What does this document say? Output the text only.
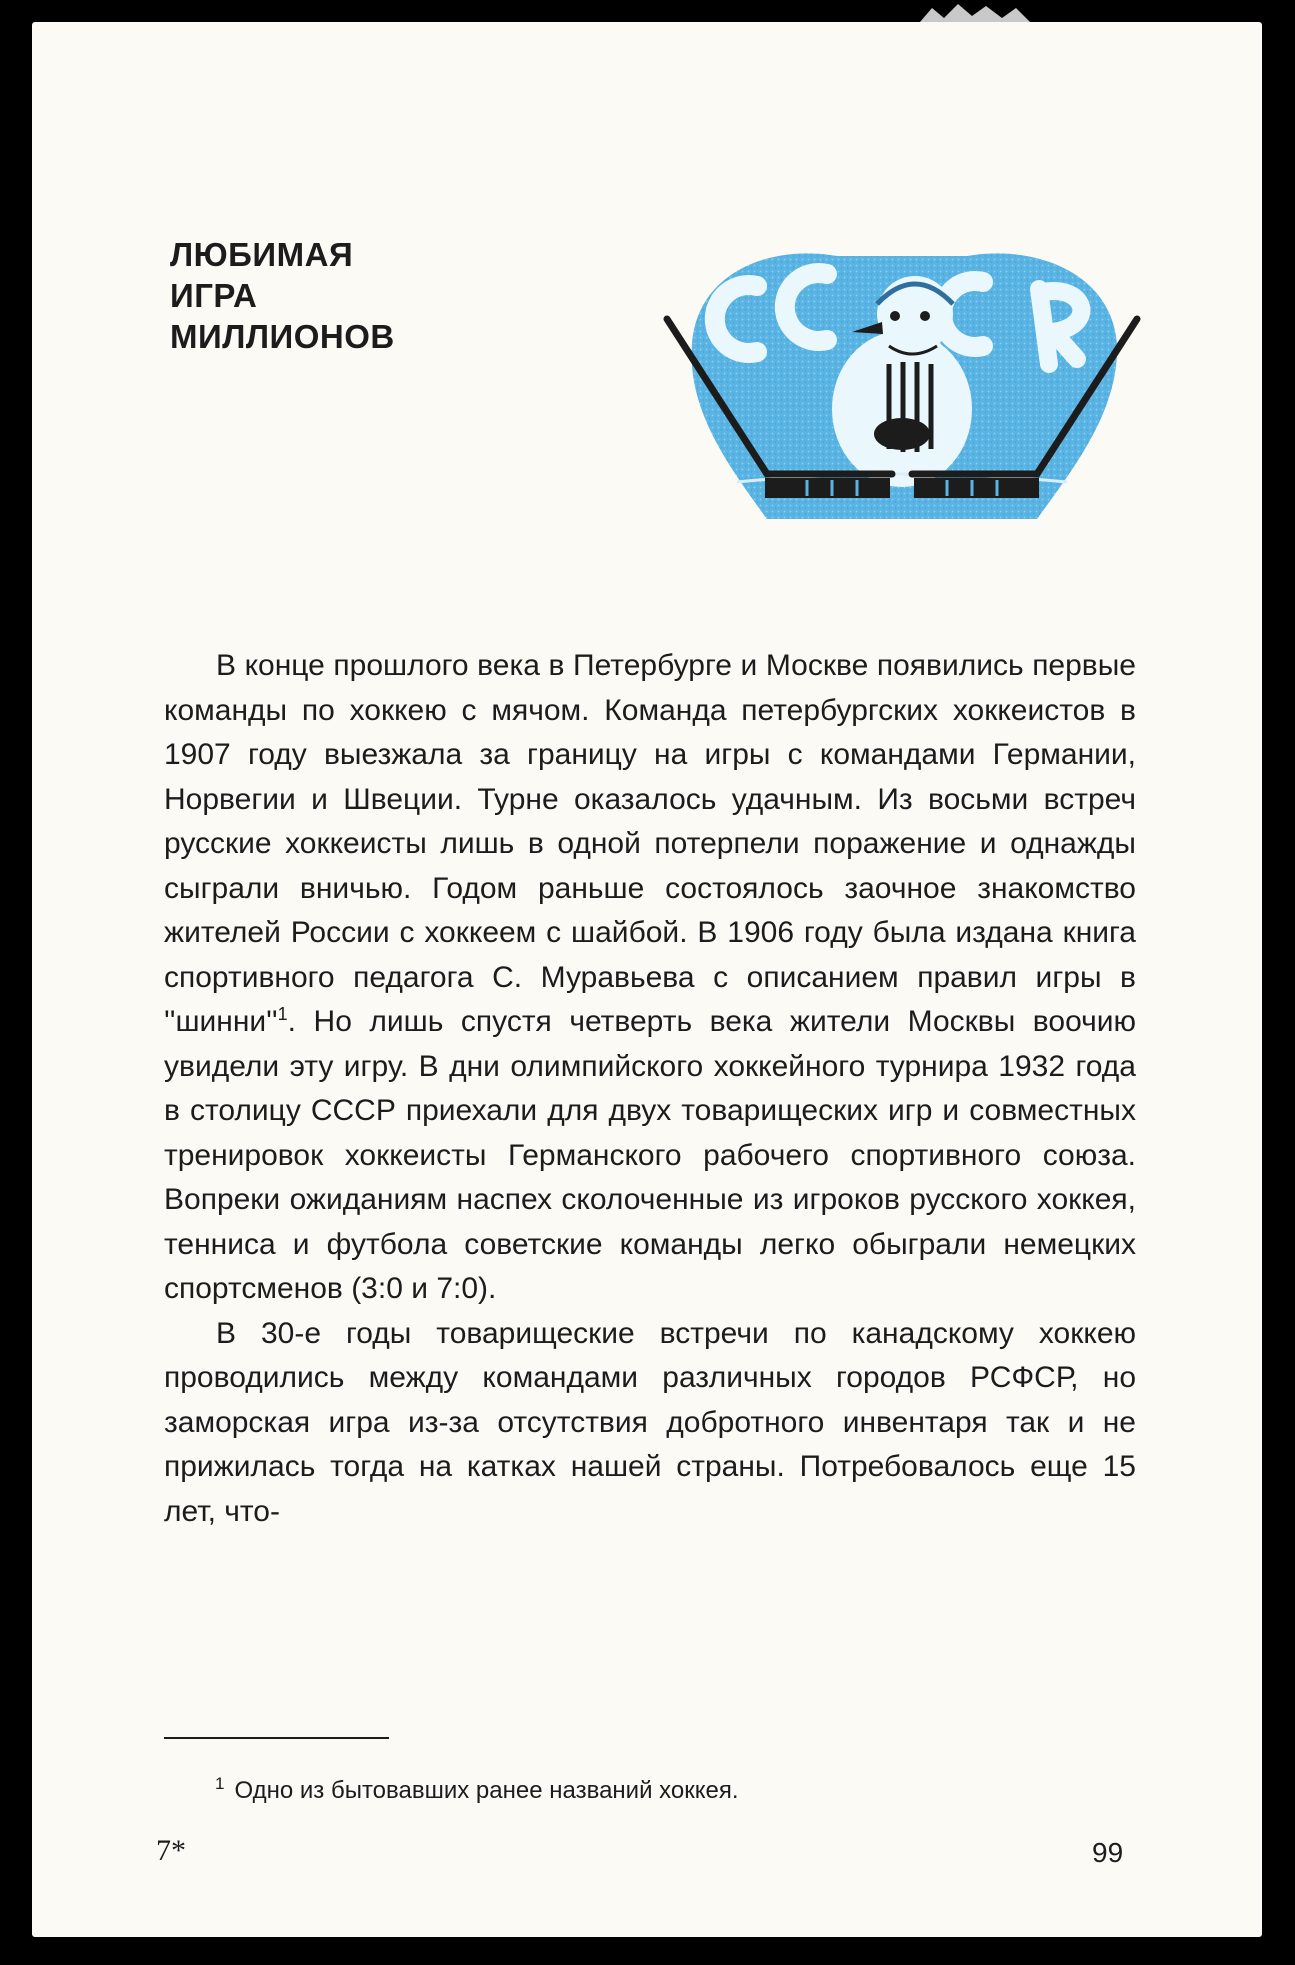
ЛЮБИМАЯ
ИГРА
МИЛЛИОНОВ

В конце прошлого века в Петербурге и Москве появились первые команды по хоккею с мячом. Команда петербургских хоккеистов в 1907 году выезжала за границу на игры с командами Германии, Норвегии и Швеции. Турне оказалось удачным. Из восьми встреч русские хоккеисты лишь в одной потерпели поражение и однажды сыграли вничью. Годом раньше состоялось заочное знакомство жителей России с хоккеем с шайбой. В 1906 году была издана книга спортивного педагога С. Муравьева с описанием правил игры в ''$шинни''^1$. Но лишь спустя четверть века жители Москвы воочию увидели эту игру. В дни олимпийского хоккейного турнира 1932 года в столицу СССР приехали для двух товарищеских игр и совместных тренировок хоккеисты Германского рабочего спортивного союза. Вопреки ожиданиям наспех сколоченные из игроков русского хоккея, тенниса и футбола советские команды легко обыграли немецких спортсменов (3:0 и 7:0).

В 30-е годы товарищеские встречи по канадскому хоккею проводились между командами различных городов РСФСР, но заморская игра из-за отсутствия добротного инвентаря так и не прижилась тогда на катках нашей страны. Потребовалось еще 15 лет, что-

$^1$ Одно из бытовавших ранее названий хоккея.

7*	99
